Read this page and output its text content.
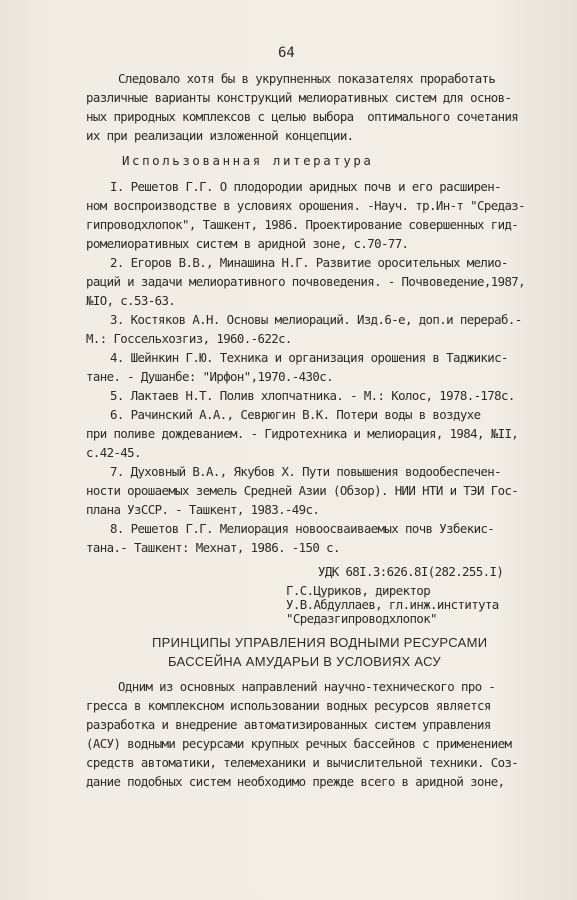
64
Следовало хотя бы в укрупненных показателях проработать
различные варианты конструкций мелиоративных систем для основ-
ных природных комплексов с целью выбора  оптимального сочетания
их при реализации изложенной концепции.
Использованная литература
I. Решетов Г.Г. О плодородии аридных почв и его расширен-
ном воспроизводстве в условиях орошения. -Науч. тр.Ин-т "Средаз-
гипроводхлопок", Ташкент, 1986. Проектирование совершенных гид-
ромелиоративных систем в аридной зоне, с.70-77.
2. Егоров В.В., Минашина Н.Г. Развитие оросительных мелио-
раций и задачи мелиоративного почвоведения. - Почвоведение,1987,
№IO, с.53-63.
3. Костяков А.Н. Основы мелиораций. Изд.6-е, доп.и перераб.-
М.: Госсельхозгиз, 1960.-622с.
4. Шейнкин Г.Ю. Техника и организация орошения в Таджикис-
тане. - Душанбе: "Ирфон",1970.-430с.
5. Лактаев Н.Т. Полив хлопчатника. - М.: Колос, 1978.-178с.
6. Рачинский А.А., Севрюгин В.К. Потери воды в воздухе
при поливе дождеванием. - Гидротехника и мелиорация, 1984, №II,
с.42-45.
7. Духовный В.А., Якубов Х. Пути повышения водообеспечен-
ности орошаемых земель Средней Азии (Обзор). НИИ НТИ и ТЭИ Гос-
плана УзССР. - Ташкент, 1983.-49с.
8. Решетов Г.Г. Мелиорация новоосваиваемых почв Узбекис-
тана.- Ташкент: Мехнат, 1986. -150 с.
УДК 68I.3:626.8I(282.255.I)
Г.С.Цуриков, директор
У.В.Абдуллаев, гл.инж.института
"Средазгипроводхлопок"
ПРИНЦИПЫ УПРАВЛЕНИЯ ВОДНЫМИ РЕСУРСАМИ
БАССЕЙНА АМУДАРЬИ В УСЛОВИЯХ АСУ
Одним из основных направлений научно-технического про -
гресса в комплексном использовании водных ресурсов является
разработка и внедрение автоматизированных систем управления
(АСУ) водными ресурсами крупных речных бассейнов с применением
средств автоматики, телемеханики и вычислительной техники. Соз-
дание подобных систем необходимо прежде всего в аридной зоне,
